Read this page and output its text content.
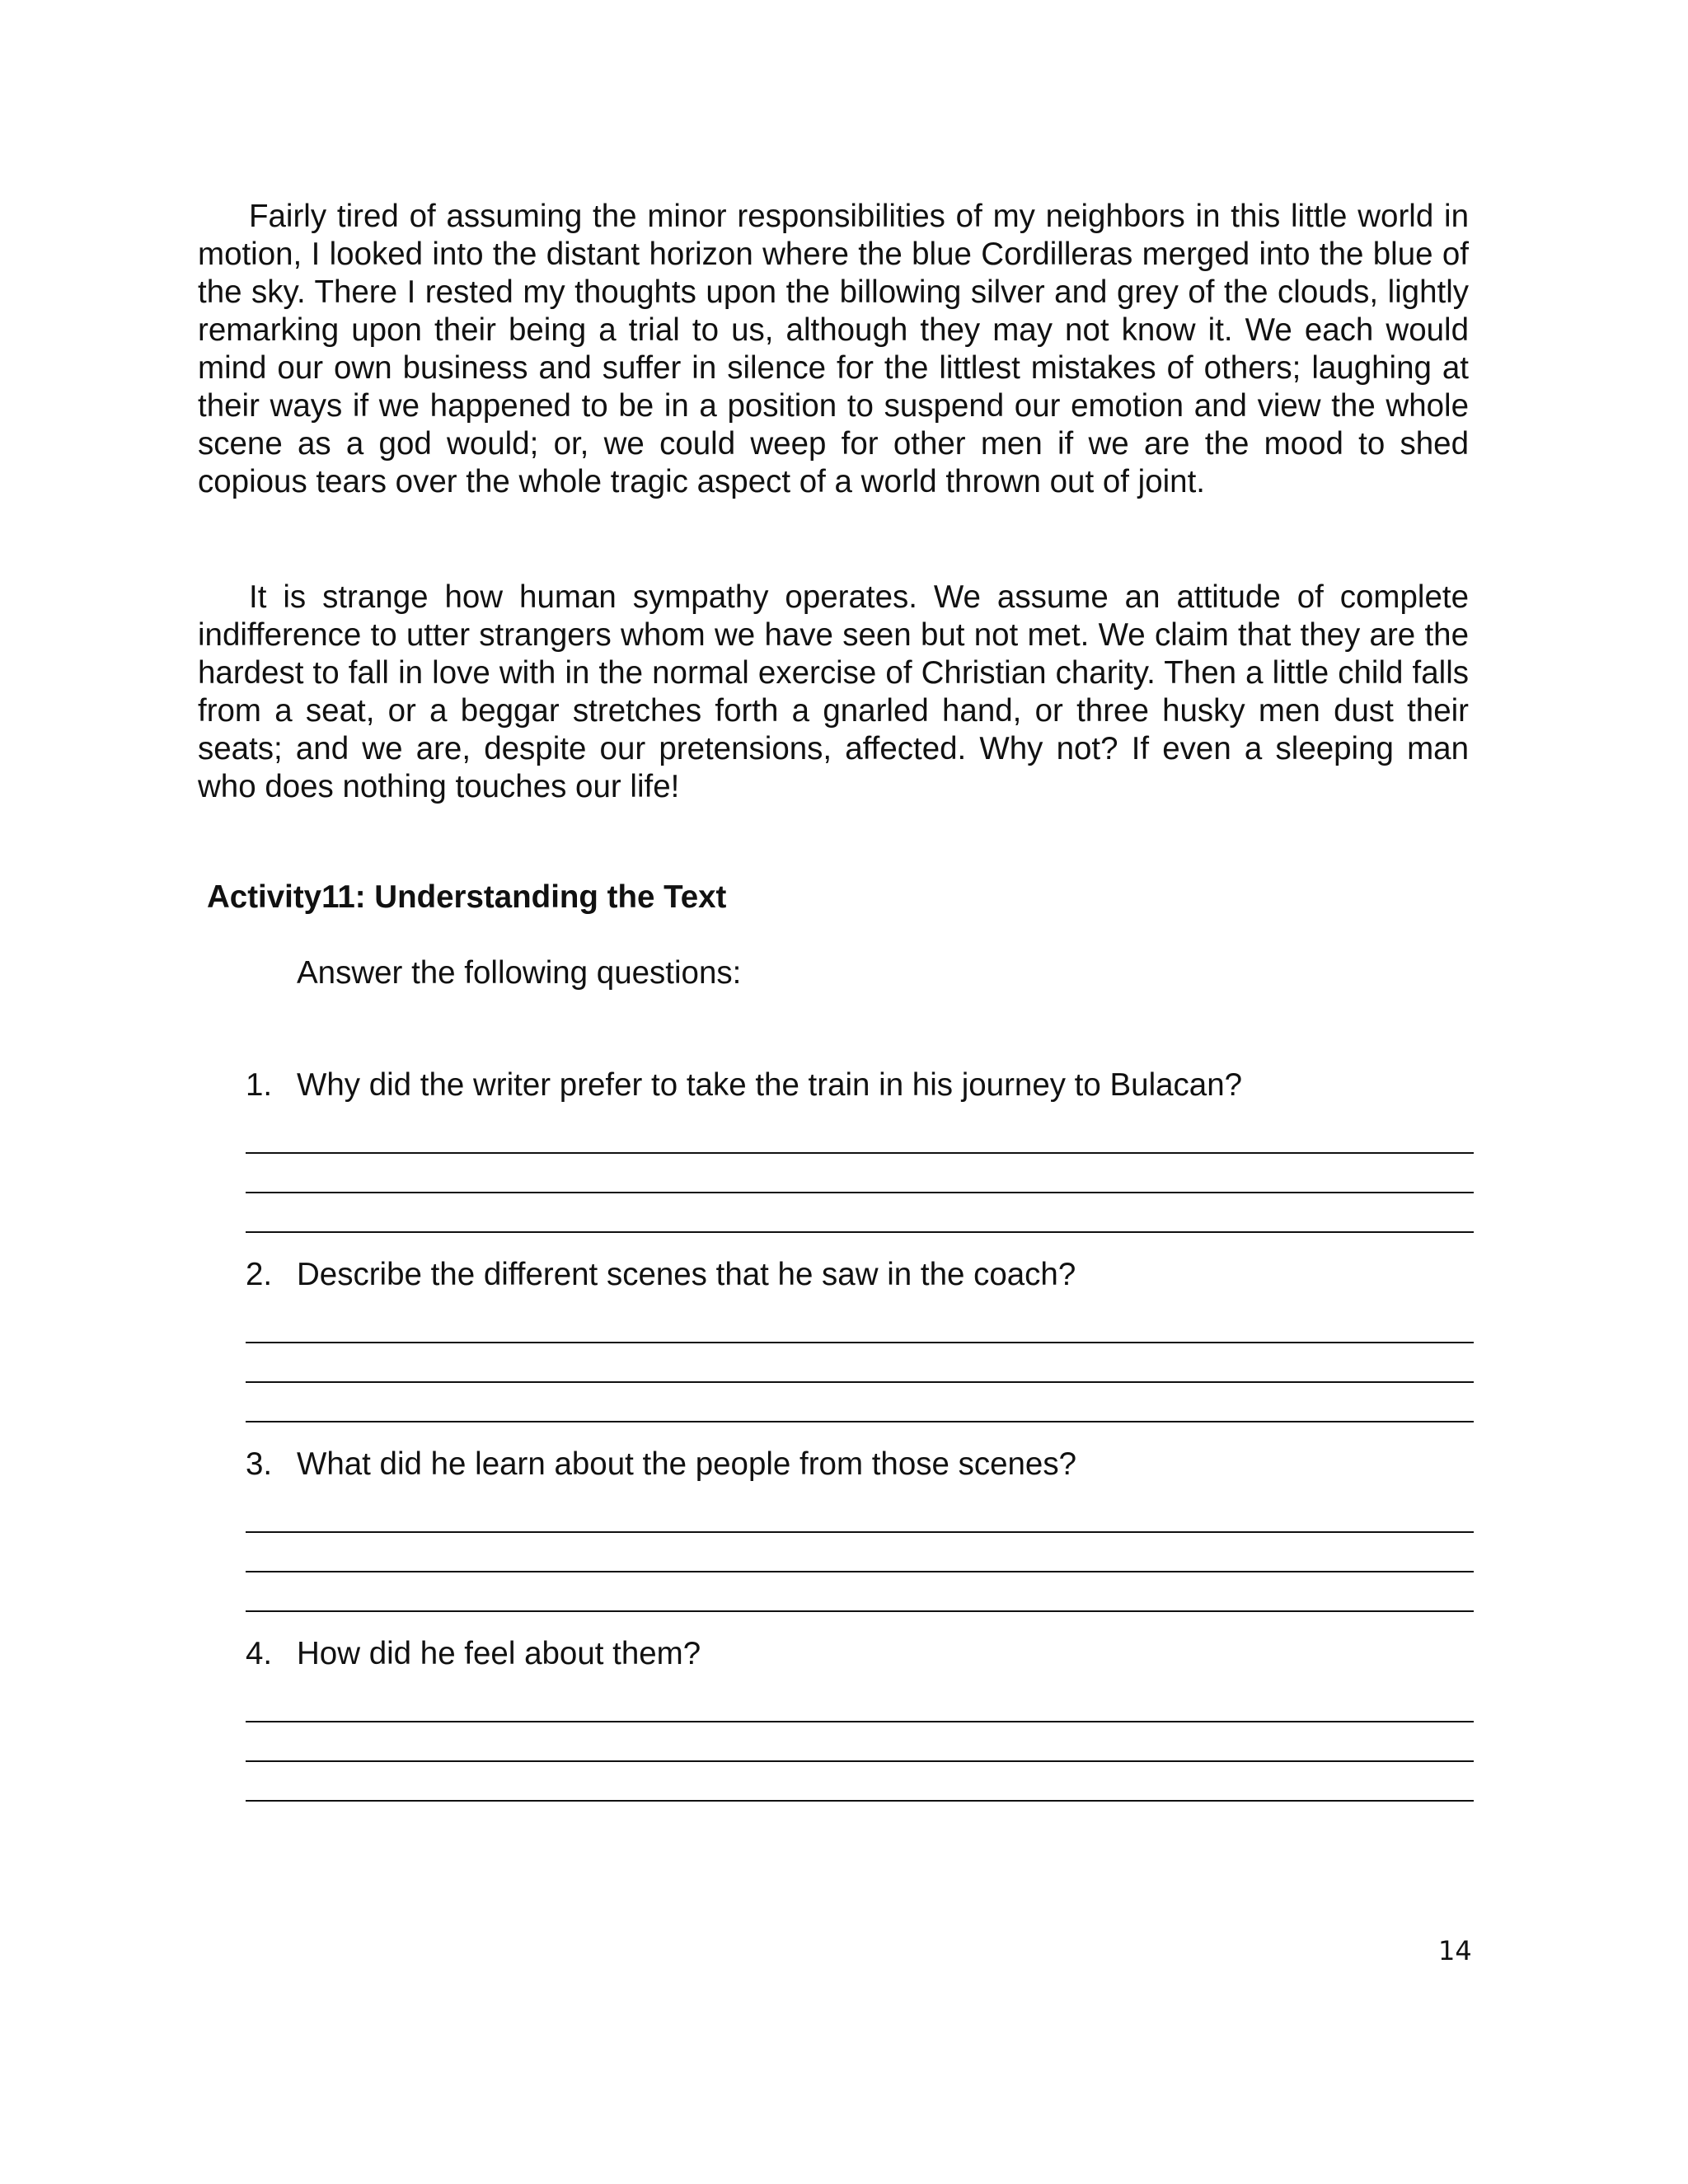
Fairly tired of assuming the minor responsibilities of my neighbors in this little world in motion, I looked into the distant horizon where the blue Cordilleras merged into the blue of the sky. There I rested my thoughts upon the billowing silver and grey of the clouds, lightly remarking upon their being a trial to us, although they may not know it. We each would mind our own business and suffer in silence for the littlest mistakes of others; laughing at their ways if we happened to be in a position to suspend our emotion and view the whole scene as a god would; or, we could weep for other men if we are the mood to shed copious tears over the whole tragic aspect of a world thrown out of joint.

It is strange how human sympathy operates. We assume an attitude of complete indifference to utter strangers whom we have seen but not met. We claim that they are the hardest to fall in love with in the normal exercise of Christian charity. Then a little child falls from a seat, or a beggar stretches forth a gnarled hand, or three husky men dust their seats; and we are, despite our pretensions, affected. Why not? If even a sleeping man who does nothing touches our life!

Activity11: Understanding the Text

Answer the following questions:

1. Why did the writer prefer to take the train in his journey to Bulacan?
2. Describe the different scenes that he saw in the coach?
3. What did he learn about the people from those scenes?
4. How did he feel about them?

14
